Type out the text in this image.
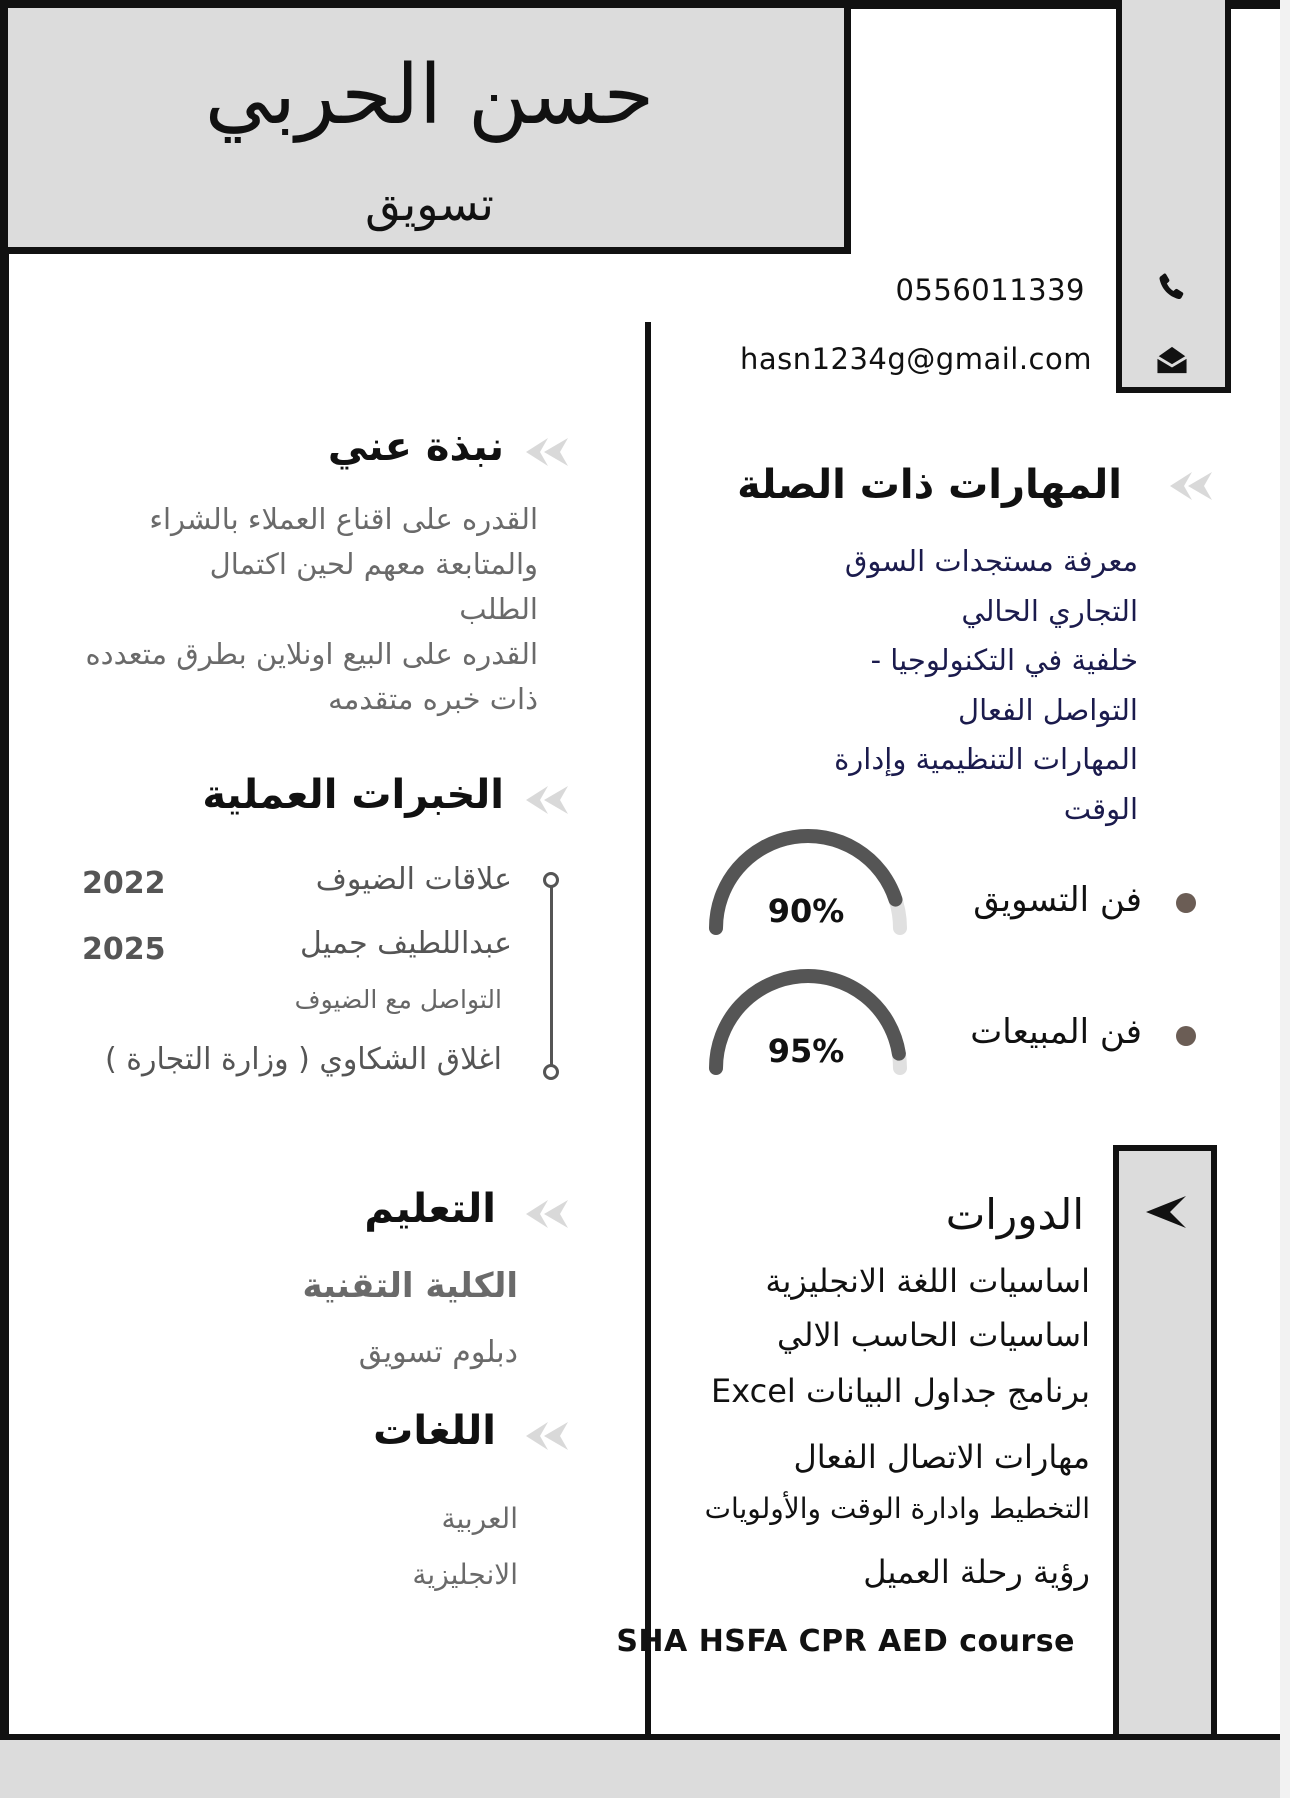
حسن الحربي
تسويق
0556011339
hasn1234g@gmail.com
المهارات ذات الصلة
معرفة مستجدات السوق
التجاري الحالي
خلفية في التكنولوجيا -
التواصل الفعال
المهارات التنظيمية وإدارة
الوقت
فن التسويق
90%
فن المبيعات
95%
نبذة عني
القدره على اقناع العملاء بالشراء
والمتابعة معهم لحين اكتمال
الطلب
القدره على البيع اونلاين بطرق متعدده
ذات خبره متقدمه
الخبرات العملية
علاقات الضيوف
2022
عبداللطيف جميل
2025
التواصل مع الضيوف
اغلاق الشكاوي ( وزارة التجارة )
التعليم
الكلية التقنية
دبلوم تسويق
اللغات
العربية
الانجليزية
الدورات
اساسيات اللغة الانجليزية
اساسيات الحاسب الالي
برنامج جداول البيانات Excel
مهارات الاتصال الفعال
التخطيط وادارة الوقت والأولويات
رؤية رحلة العميل
SHA HSFA CPR AED course
